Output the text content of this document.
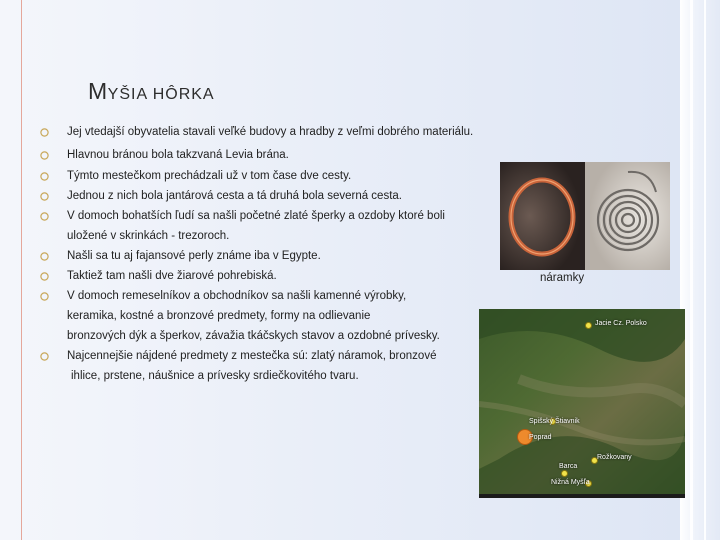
MYŠIA HÔRKA
Jej vtedajší obyvatelia stavali veľké budovy a hradby z veľmi dobrého materiálu.
Hlavnou bránou bola takzvaná Levia brána.
Týmto mestečkom prechádzali už v tom čase dve cesty.
Jednou z nich bola jantárová cesta a tá druhá bola severná cesta.
V domoch bohatších ľudí sa našli početné zlaté šperky a ozdoby ktoré boli
uložené v skrinkách - trezoroch.
Našli sa tu aj fajansové perly známe iba v Egypte.
Taktiež tam našli dve žiarové pohrebiská.
V domoch remeselníkov a obchodníkov sa našli kamenné výrobky,
keramika, kostné a bronzové predmety, formy na odlievanie
bronzových dýk a šperkov, závažia tkáčskych stavov a ozdobné prívesky.
Najcennejšie nájdené predmety z mestečka sú: zlatý náramok, bronzové
ihlice, prstene, náušnice a prívesky srdiečkovitého tvaru.
náramky
Jacie Cz. Polsko
Spišský Štiavnik
Poprad
Rožkovany
Barca
Nižná Myšľa
